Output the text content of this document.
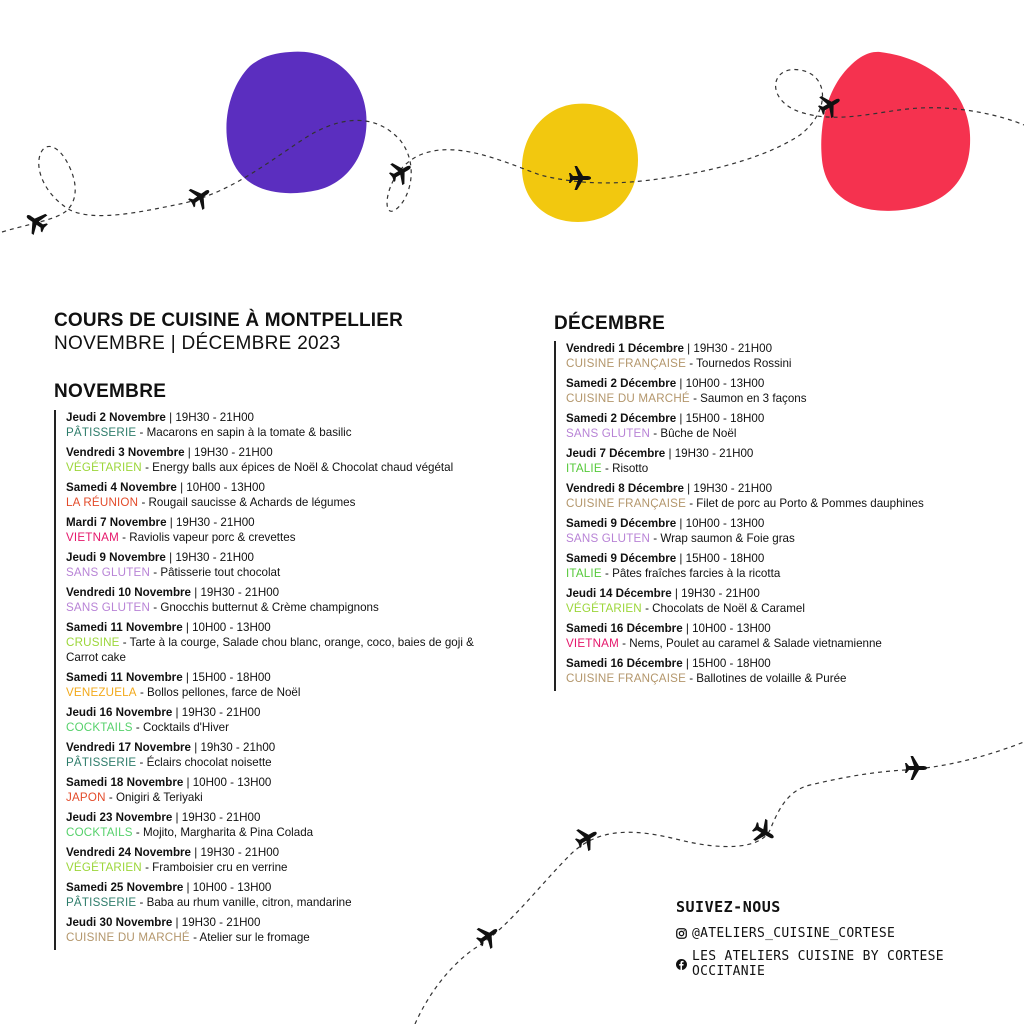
COURS DE CUISINE À MONTPELLIER
NOVEMBRE | DÉCEMBRE 2023
NOVEMBRE
Jeudi 2 Novembre | 19H30 - 21H00
PÂTISSERIE - Macarons en sapin à la tomate & basilic
Vendredi 3 Novembre | 19H30 - 21H00
VÉGÉTARIEN - Energy balls aux épices de Noël & Chocolat chaud végétal
Samedi 4 Novembre | 10H00 - 13H00
LA RÉUNION - Rougail saucisse & Achards de légumes
Mardi 7 Novembre | 19H30 - 21H00
VIETNAM - Raviolis vapeur porc & crevettes
Jeudi 9 Novembre | 19H30 - 21H00
SANS GLUTEN - Pâtisserie tout chocolat
Vendredi 10 Novembre | 19H30 - 21H00
SANS GLUTEN - Gnocchis butternut & Crème champignons
Samedi 11 Novembre | 10H00 - 13H00
CRUSINE - Tarte à la courge, Salade chou blanc, orange, coco, baies de goji & Carrot cake
Samedi 11 Novembre | 15H00 - 18H00
VENEZUELA - Bollos pellones, farce de Noël
Jeudi 16 Novembre | 19H30 - 21H00
COCKTAILS - Cocktails d'Hiver
Vendredi 17 Novembre | 19h30 - 21h00
PÂTISSERIE - Éclairs chocolat noisette
Samedi 18 Novembre | 10H00 - 13H00
JAPON - Onigiri & Teriyaki
Jeudi 23 Novembre | 19H30 - 21H00
COCKTAILS - Mojito, Margharita & Pina Colada
Vendredi 24 Novembre | 19H30 - 21H00
VÉGÉTARIEN - Framboisier cru en verrine
Samedi 25 Novembre | 10H00 - 13H00
PÂTISSERIE - Baba au rhum vanille, citron, mandarine
Jeudi 30 Novembre | 19H30 - 21H00
CUISINE DU MARCHÉ - Atelier sur le fromage
DÉCEMBRE
Vendredi 1 Décembre | 19H30 - 21H00
CUISINE FRANÇAISE - Tournedos Rossini
Samedi 2 Décembre | 10H00 - 13H00
CUISINE DU MARCHÉ - Saumon en 3 façons
Samedi 2 Décembre | 15H00 - 18H00
SANS GLUTEN - Bûche de Noël
Jeudi 7 Décembre | 19H30 - 21H00
ITALIE - Risotto
Vendredi 8 Décembre | 19H30 - 21H00
CUISINE FRANÇAISE - Filet de porc au Porto & Pommes dauphines
Samedi 9 Décembre | 10H00 - 13H00
SANS GLUTEN - Wrap saumon & Foie gras
Samedi 9 Décembre | 15H00 - 18H00
ITALIE - Pâtes fraîches farcies à la ricotta
Jeudi 14 Décembre | 19H30 - 21H00
VÉGÉTARIEN - Chocolats de Noël & Caramel
Samedi 16 Décembre | 10H00 - 13H00
VIETNAM - Nems, Poulet au caramel & Salade vietnamienne
Samedi 16 Décembre | 15H00 - 18H00
CUISINE FRANÇAISE - Ballotines de volaille & Purée
SUIVEZ-NOUS
@ATELIERS_CUISINE_CORTESE
LES ATELIERS CUISINE BY CORTESE OCCITANIE
